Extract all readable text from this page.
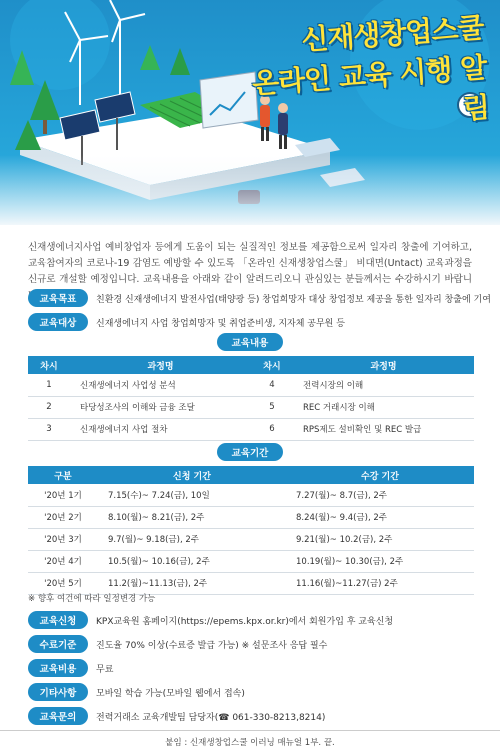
신재생창업스쿨
온라인 교육 시행 알림

신재생에너지사업 예비창업자 등에게 도움이 되는 실질적인 정보를 제공함으로써 일자리 창출에 기여하고, 교육참여자의 코로나-19 감염도 예방할 수 있도록 「온라인 신재생창업스쿨」 비대면(Untact) 교육과정을 신규로 개설할 예정입니다. 교육내용을 아래와 같이 알려드리오니 관심있는 분들께서는 수강하시기 바랍니

교육목표	친환경 신재생에너지 발전사업(태양광 등) 창업희망자 대상 창업정보 제공을 통한 일자리 창출에 기여
교육대상	신재생에너지 사업 창업희망자 및 취업준비생, 지자체 공무원 등
교육내용
차시	과정명	차시	과정명
1	신재생에너지 사업성 분석	4	전력시장의 이해
2	타당성조사의 이해와 금융 조달	5	REC 거래시장 이해
3	신재생에너지 사업 절차	6	RPS제도 설비확인 및 REC 발급
교육기간
구분	신청 기간	수강 기간
'20년 1기	7.15(수)~ 7.24(금), 10일	7.27(월)~ 8.7(금), 2주
'20년 2기	8.10(월)~ 8.21(금), 2주	8.24(월)~ 9.4(금), 2주
'20년 3기	9.7(월)~ 9.18(금), 2주	9.21(월)~ 10.2(금), 2주
'20년 4기	10.5(월)~ 10.16(금), 2주	10.19(월)~ 10.30(금), 2주
'20년 5기	11.2(월)~11.13(금), 2주	11.16(월)~11.27(금) 2주
※ 향후 여건에 따라 일정변경 가능
교육신청	KPX교육원 홈페이지(https://epems.kpx.or.kr)에서 회원가입 후 교육신청
수료기준	진도율 70% 이상(수료증 발급 가능) ※ 설문조사 응답 필수
교육비용	무료
기타사항	모바일 학습 가능(모바일 웹에서 접속)
교육문의	전력거래소 교육개발팀 담당자(☎ 061-330-8213,8214)
붙임 : 신재생창업스쿨 이러닝 매뉴얼 1부. 끝.
